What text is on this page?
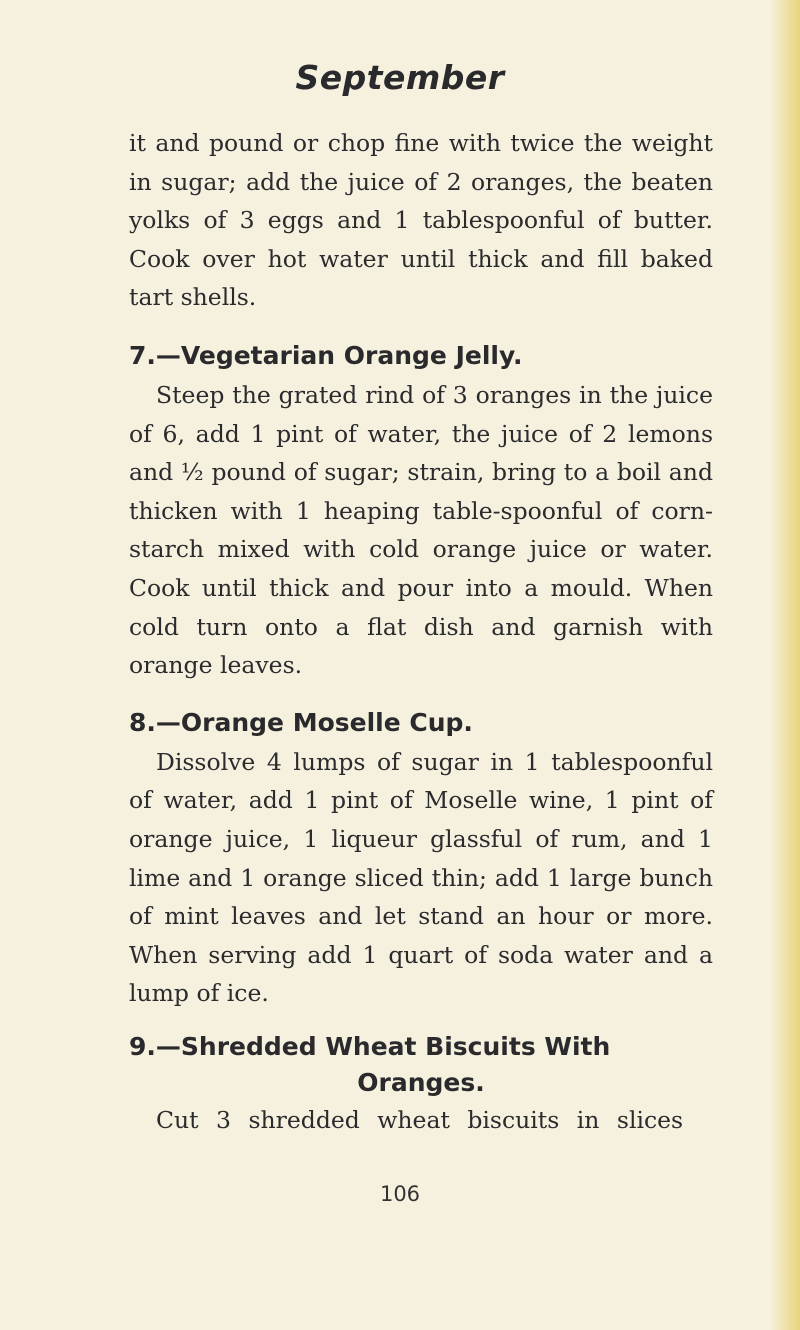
September

it and pound or chop fine with twice the weight in sugar; add the juice of 2 oranges, the beaten yolks of 3 eggs and 1 tablespoonful of butter. Cook over hot water until thick and fill baked tart shells.

7.—Vegetarian Orange Jelly.

Steep the grated rind of 3 oranges in the juice of 6, add 1 pint of water, the juice of 2 lemons and ½ pound of sugar; strain, bring to a boil and thicken with 1 heaping table-spoonful of corn-starch mixed with cold orange juice or water. Cook until thick and pour into a mould. When cold turn onto a flat dish and garnish with orange leaves.

8.—Orange Moselle Cup.

Dissolve 4 lumps of sugar in 1 tablespoonful of water, add 1 pint of Moselle wine, 1 pint of orange juice, 1 liqueur glassful of rum, and 1 lime and 1 orange sliced thin; add 1 large bunch of mint leaves and let stand an hour or more. When serving add 1 quart of soda water and a lump of ice.

9.—Shredded Wheat Biscuits With
Oranges.

Cut 3 shredded wheat biscuits in slices

106
